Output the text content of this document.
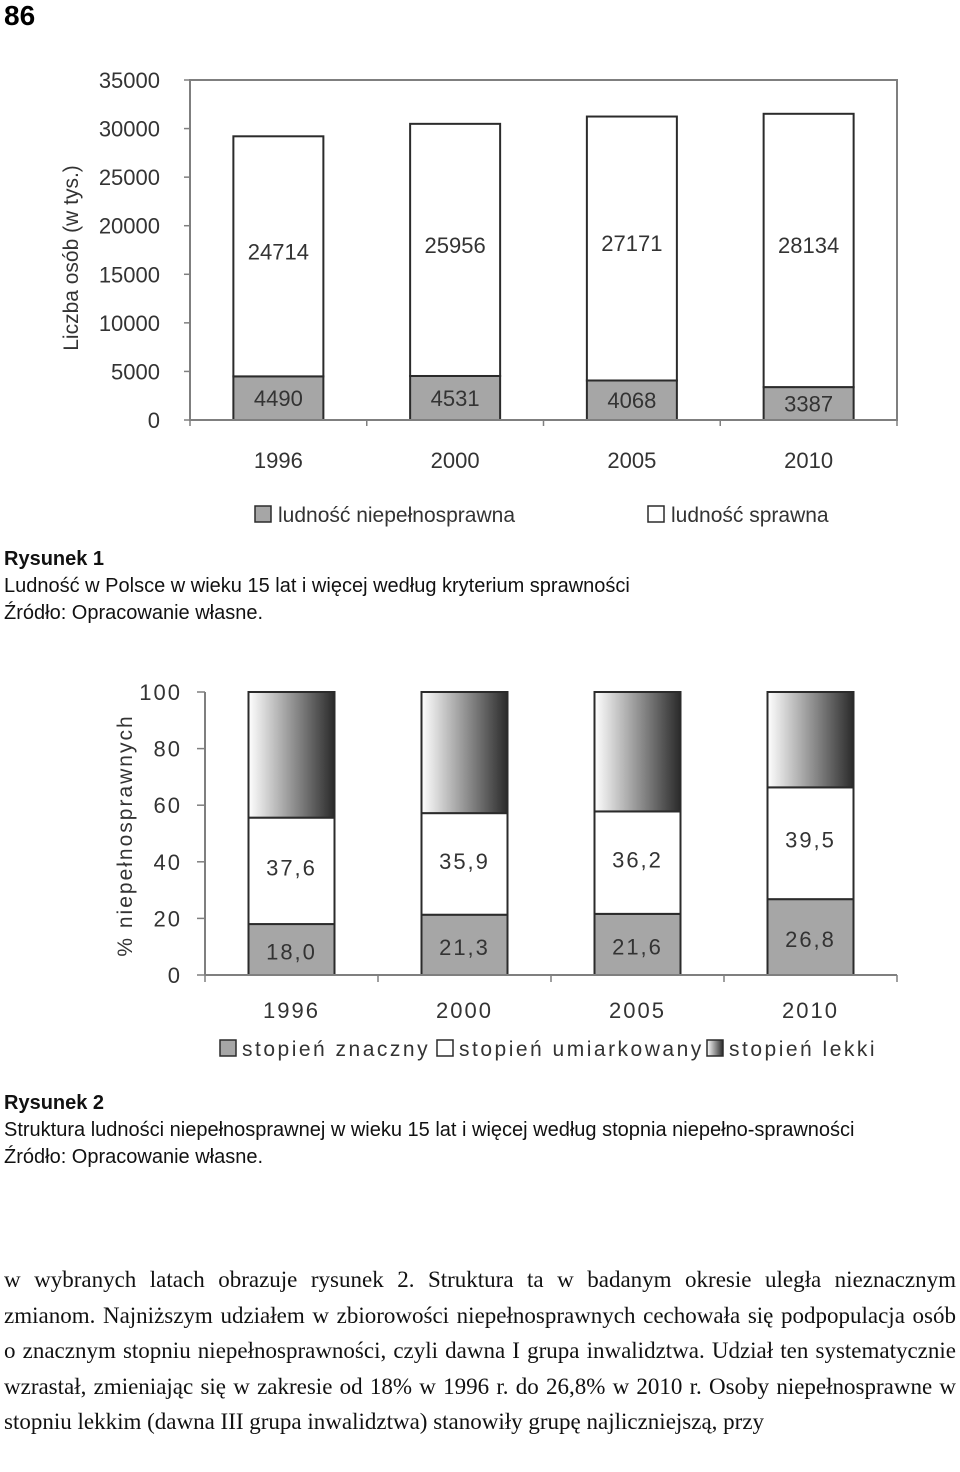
86
0
5000
10000
15000
20000
25000
30000
35000
Liczba osób (w tys.)
4490
24714
1996
4531
25956
2000
4068
27171
2005
3387
28134
2010
ludność niepełnosprawna	ludność sprawna
Rysunek 1
Ludność w Polsce w wieku 15 lat i więcej według kryterium sprawności
Źródło: Opracowanie własne.
0
20
40
60
80
100
% niepełnosprawnych	18,0
37,6
1996
21,3
35,9
2000
21,6
36,2
2005
26,8
39,5
2010
stopień znaczny stopień umiarkowany stopień lekki
Rysunek 2
Struktura ludności niepełnosprawnej w wieku 15 lat i więcej według stopnia niepełno-sprawności
Źródło: Opracowanie własne.

w wybranych latach obrazuje rysunek 2. Struktura ta w badanym okresie uległa nieznacznym zmianom. Najniższym udziałem w zbiorowości niepełnosprawnych cechowała się podpopulacja osób o znacznym stopniu niepełnosprawności, czyli dawna I grupa inwalidztwa. Udział ten systematycznie wzrastał, zmieniając się w zakresie od 18% w 1996 r. do 26,8% w 2010 r. Osoby niepełnosprawne w stopniu lekkim (dawna III grupa inwalidztwa) stanowiły grupę najliczniejszą, przy
